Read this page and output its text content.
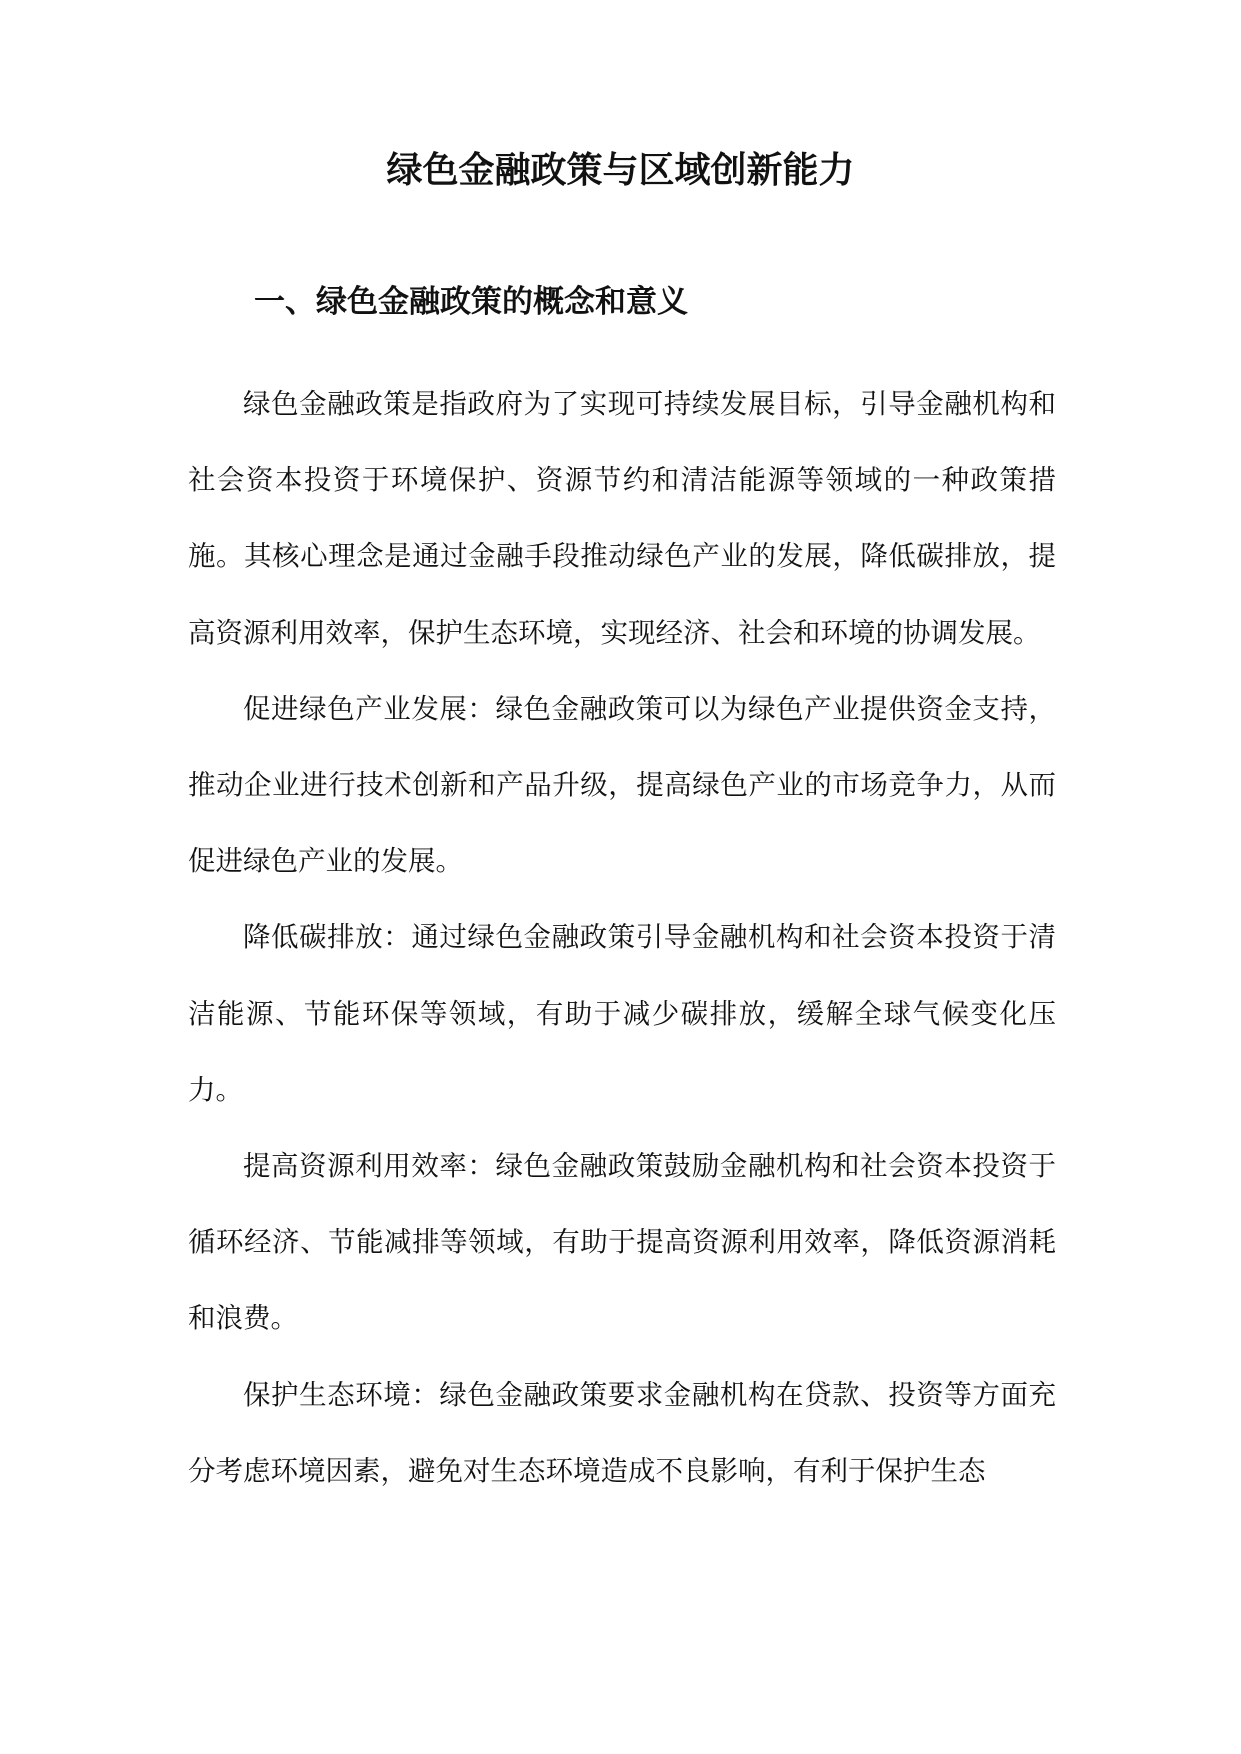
绿色金融政策与区域创新能力
一、绿色金融政策的概念和意义

绿色金融政策是指政府为了实现可持续发展目标，引导金融机构和社会资本投资于环境保护、资源节约和清洁能源等领域的一种政策措施。其核心理念是通过金融手段推动绿色产业的发展，降低碳排放，提高资源利用效率，保护生态环境，实现经济、社会和环境的协调发展。

促进绿色产业发展：绿色金融政策可以为绿色产业提供资金支持，推动企业进行技术创新和产品升级，提高绿色产业的市场竞争力，从而促进绿色产业的发展。

降低碳排放：通过绿色金融政策引导金融机构和社会资本投资于清洁能源、节能环保等领域，有助于减少碳排放，缓解全球气候变化压力。

提高资源利用效率：绿色金融政策鼓励金融机构和社会资本投资于循环经济、节能减排等领域，有助于提高资源利用效率，降低资源消耗和浪费。

保护生态环境：绿色金融政策要求金融机构在贷款、投资等方面充分考虑环境因素，避免对生态环境造成不良影响，有利于保护生态
